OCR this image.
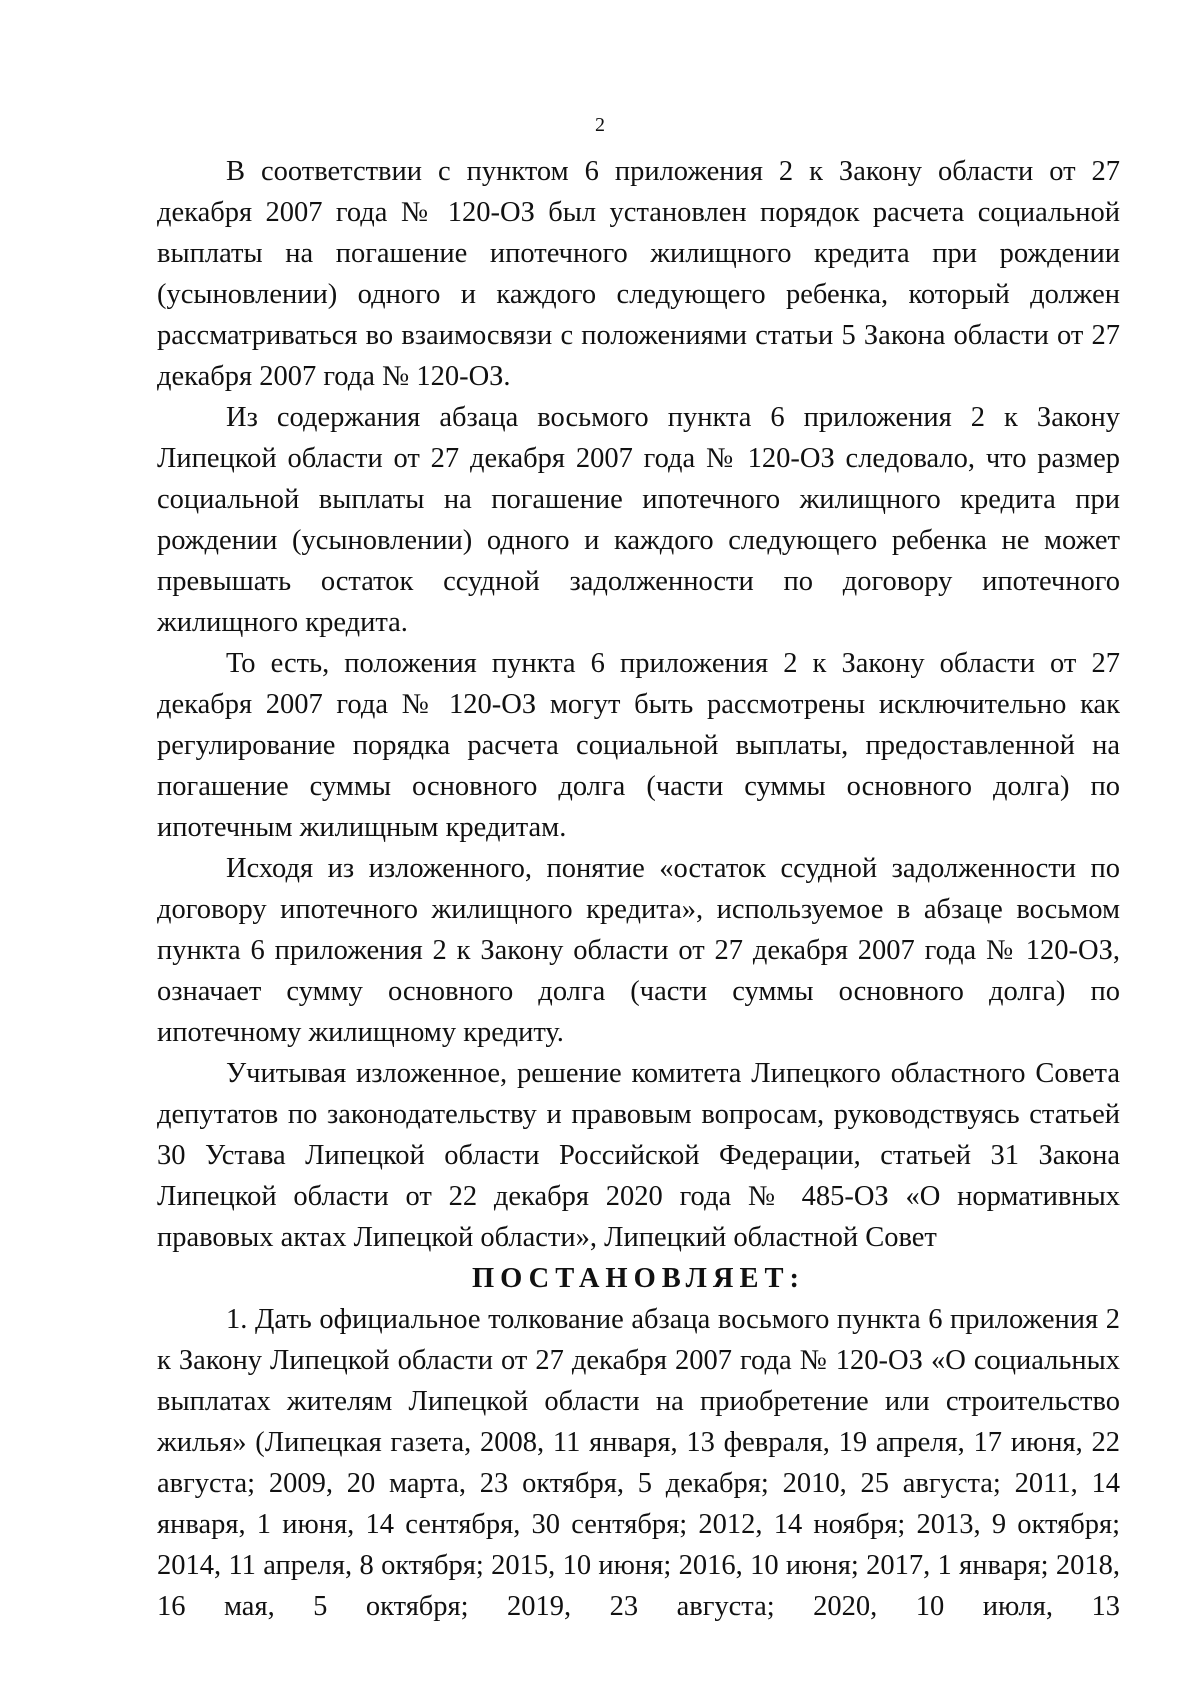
2

В соответствии с пунктом 6 приложения 2 к Закону области от 27 декабря 2007 года № 120-ОЗ был установлен порядок расчета социальной выплаты на погашение ипотечного жилищного кредита при рождении (усыновлении) одного и каждого следующего ребенка, который должен рассматриваться во взаимосвязи с положениями статьи 5 Закона области от 27 декабря 2007 года № 120-ОЗ.

Из содержания абзаца восьмого пункта 6 приложения 2 к Закону Липецкой области от 27 декабря 2007 года № 120-ОЗ следовало, что размер социальной выплаты на погашение ипотечного жилищного кредита при рождении (усыновлении) одного и каждого следующего ребенка не может превышать остаток ссудной задолженности по договору ипотечного жилищного кредита.

То есть, положения пункта 6 приложения 2 к Закону области от 27 декабря 2007 года № 120-ОЗ могут быть рассмотрены исключительно как регулирование порядка расчета социальной выплаты, предоставленной на погашение суммы основного долга (части суммы основного долга) по ипотечным жилищным кредитам.

Исходя из изложенного, понятие «остаток ссудной задолженности по договору ипотечного жилищного кредита», используемое в абзаце восьмом пункта 6 приложения 2 к Закону области от 27 декабря 2007 года № 120-ОЗ, означает сумму основного долга (части суммы основного долга) по ипотечному жилищному кредиту.

Учитывая изложенное, решение комитета Липецкого областного Совета депутатов по законодательству и правовым вопросам, руководствуясь статьей 30 Устава Липецкой области Российской Федерации, статьей 31 Закона Липецкой области от 22 декабря 2020 года № 485-ОЗ «О нормативных правовых актах Липецкой области», Липецкий областной Совет

ПОСТАНОВЛЯЕТ:

1. Дать официальное толкование абзаца восьмого пункта 6 приложения 2 к Закону Липецкой области от 27 декабря 2007 года № 120-ОЗ «О социальных выплатах жителям Липецкой области на приобретение или строительство жилья» (Липецкая газета, 2008, 11 января, 13 февраля, 19 апреля, 17 июня, 22 августа; 2009, 20 марта, 23 октября, 5 декабря; 2010, 25 августа; 2011, 14 января, 1 июня, 14 сентября, 30 сентября; 2012, 14 ноября; 2013, 9 октября; 2014, 11 апреля, 8 октября; 2015, 10 июня; 2016, 10 июня; 2017, 1 января; 2018, 16 мая, 5 октября; 2019, 23 августа; 2020, 10 июля, 13
